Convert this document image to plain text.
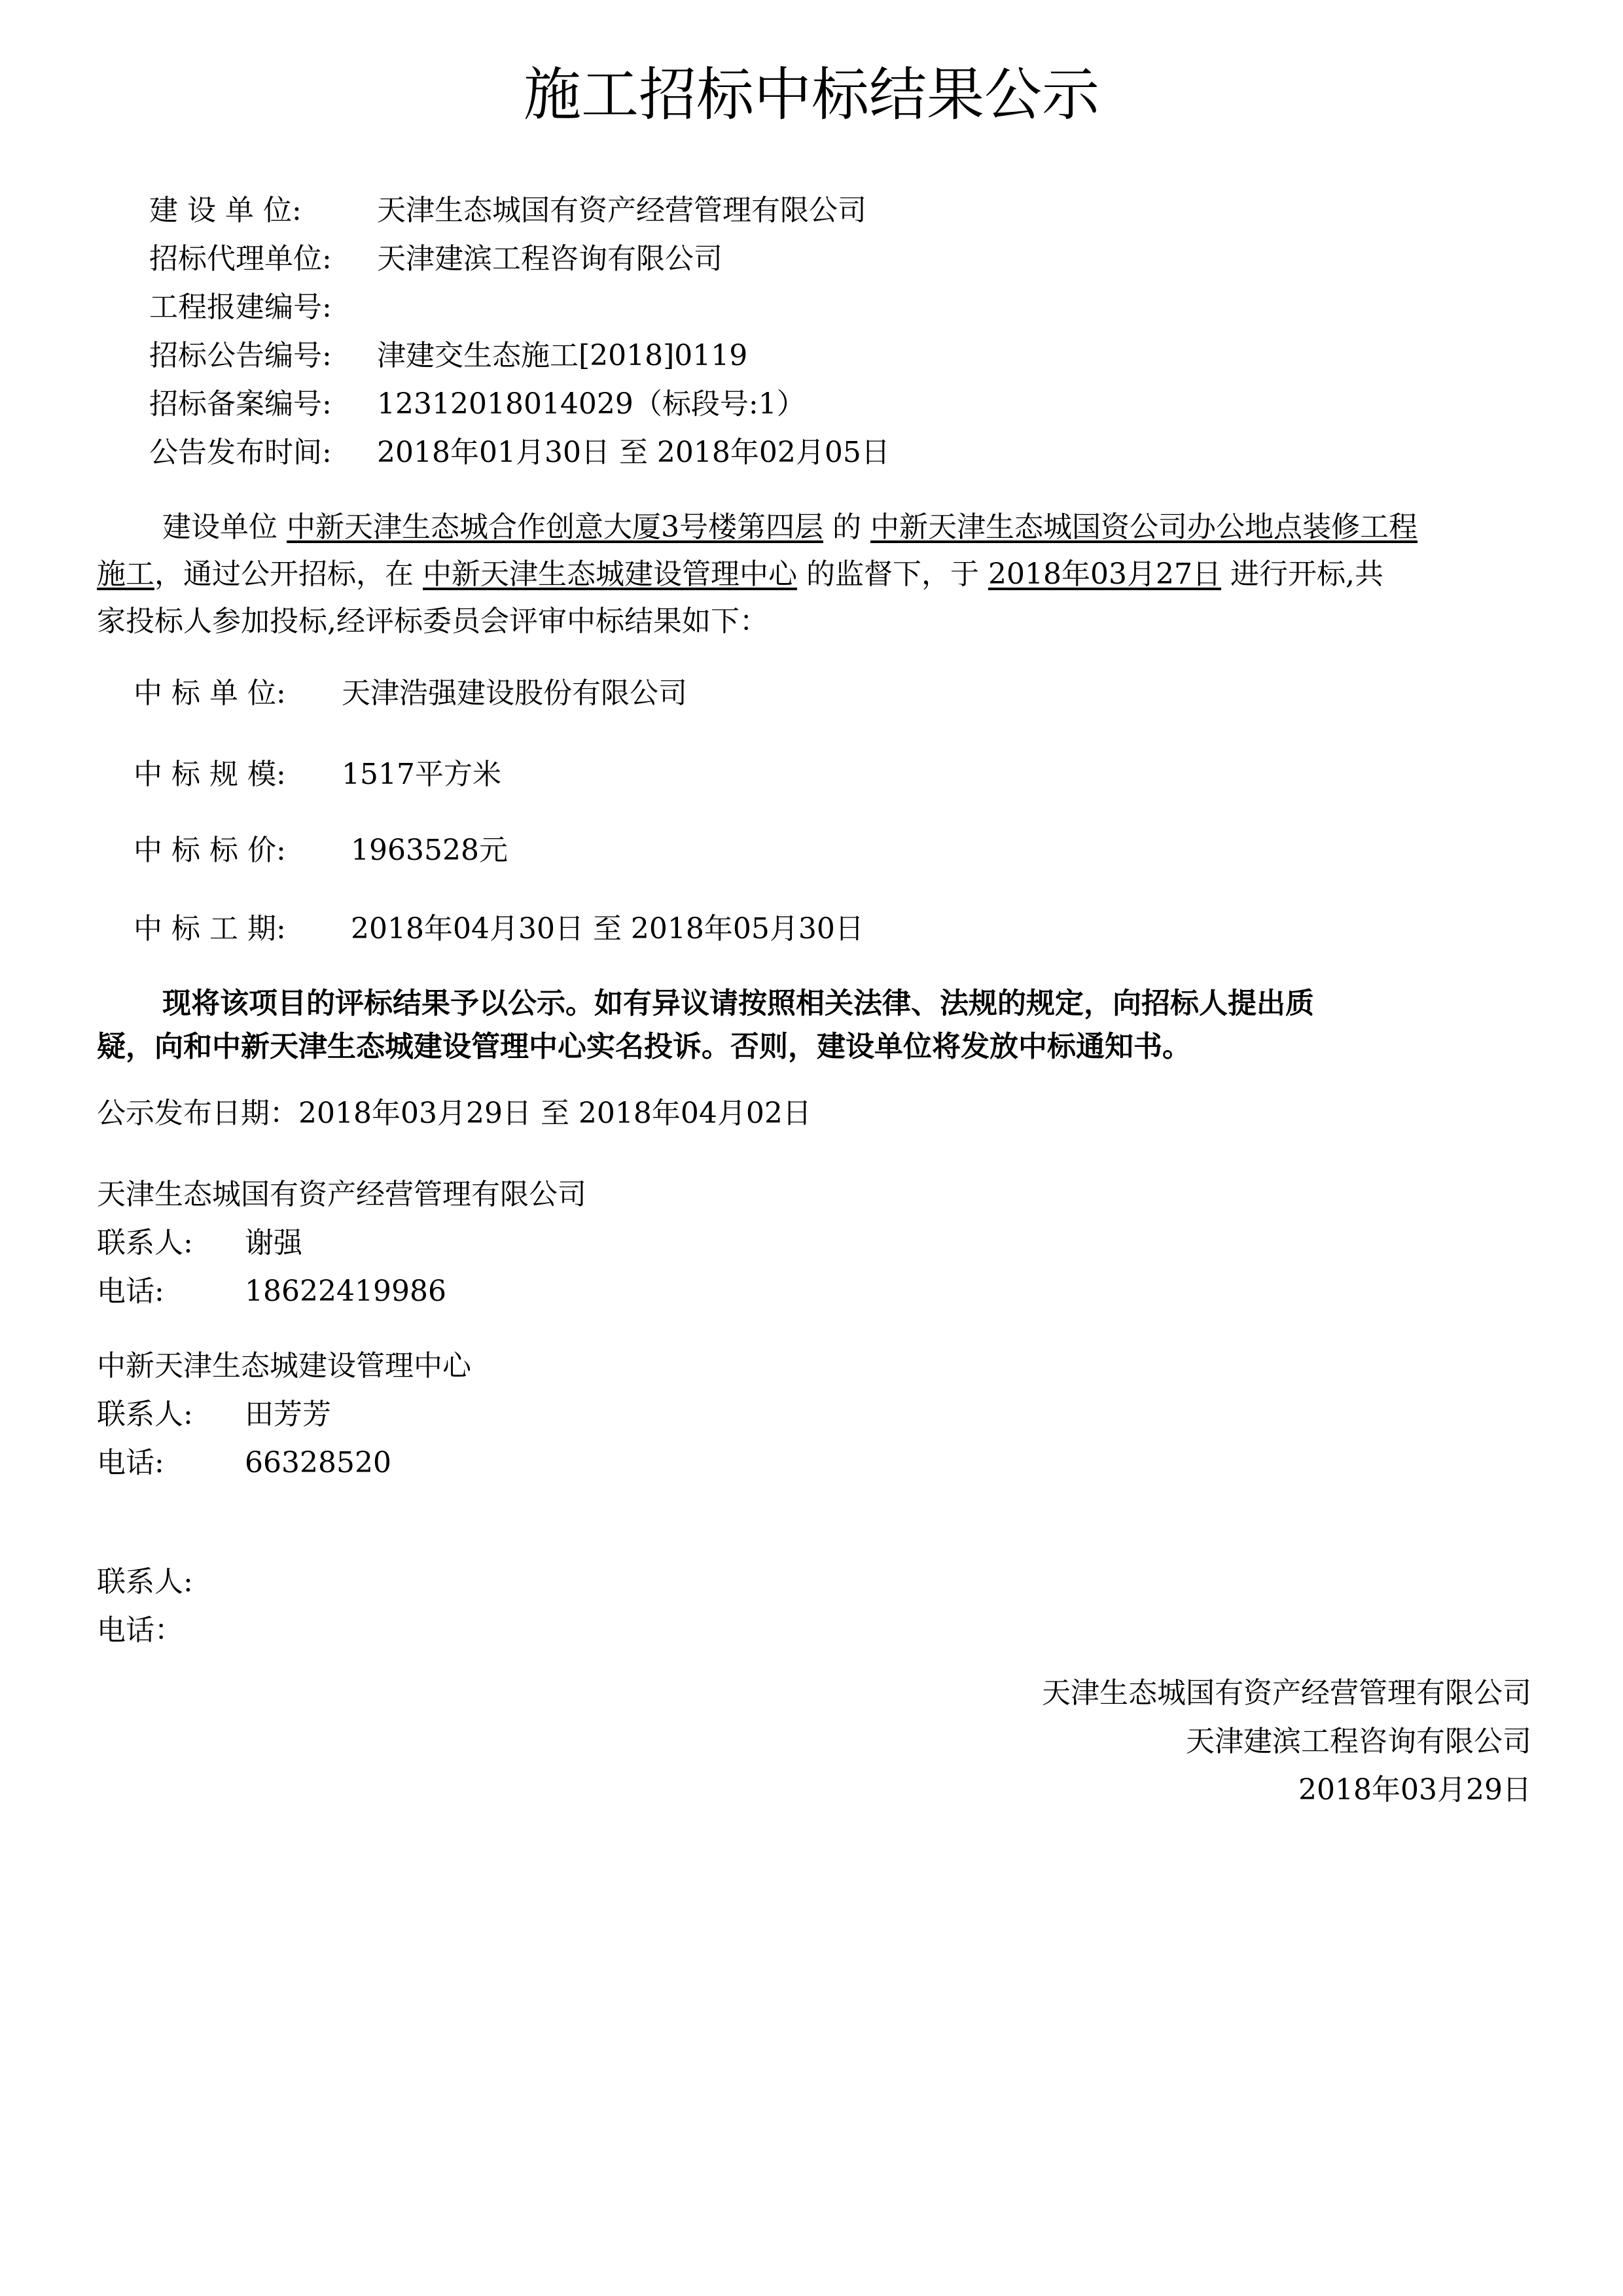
施工招标中标结果公示
建 设 单 位:	天津生态城国有资产经营管理有限公司
招标代理单位: 天津建滨工程咨询有限公司
工程报建编号:
招标公告编号: 津建交生态施工[2018]0119
招标备案编号: 12312018014029（标段号:1）
公告发布时间: 2018年01月30日 至 2018年02月05日
建设单位 中新天津生态城合作创意大厦3号楼第四层 的 中新天津生态城国资公司办公地点装修工程
施工，通过公开招标，在 中新天津生态城建设管理中心 的监督下，于 2018年03月27日 进行开标,共
家投标人参加投标,经评标委员会评审中标结果如下：
中 标 单 位: 天津浩强建设股份有限公司
中 标 规 模: 1517平方米
中 标 标 价: 1963528元
中 标 工 期: 2018年04月30日 至 2018年05月30日
现将该项目的评标结果予以公示。如有异议请按照相关法律、法规的规定，向招标人提出质
疑，向和中新天津生态城建设管理中心实名投诉。否则，建设单位将发放中标通知书。
公示发布日期：2018年03月29日 至 2018年04月02日
天津生态城国有资产经营管理有限公司
联系人: 谢强
电话:	18622419986
中新天津生态城建设管理中心
联系人: 田芳芳
电话:	66328520
联系人:
电话：
天津生态城国有资产经营管理有限公司
天津建滨工程咨询有限公司
2018年03月29日
